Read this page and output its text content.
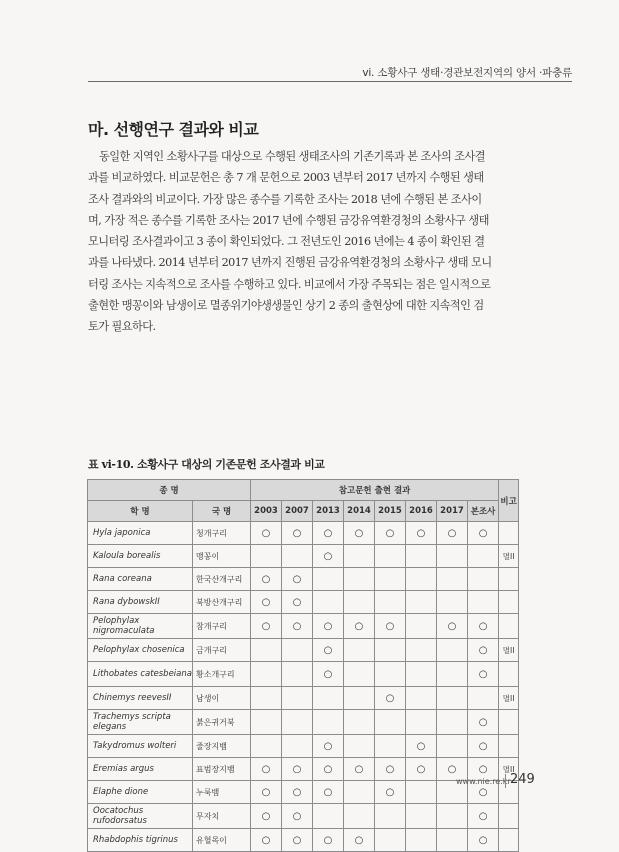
vi. 소황사구 생태·경관보전지역의 양서 ·파충류
마. 선행연구 결과와 비교

동일한 지역인 소황사구를 대상으로 수행된 생태조사의 기존기록과 본 조사의 조사결

과를 비교하였다. 비교문헌은 총 7 개 문헌으로 2003 년부터 2017 년까지 수행된 생태

조사 결과와의 비교이다. 가장 많은 종수를 기록한 조사는 2018 년에 수행된 본 조사이

며, 가장 적은 종수를 기록한 조사는 2017 년에 수행된 금강유역환경청의 소황사구 생태

모니터링 조사결과이고 3 종이 확인되었다. 그 전년도인 2016 년에는 4 종이 확인된 결

과를 나타냈다. 2014 년부터 2017 년까지 진행된 금강유역환경청의 소황사구 생태 모니

터링 조사는 지속적으로 조사를 수행하고 있다. 비교에서 가장 주목되는 점은 일시적으로

출현한 맹꽁이와 남생이로 멸종위기야생생물인 상기 2 종의 출현상에 대한 지속적인 검

토가 필요하다.

표 vi-10. 소황사구 대상의 기존문헌 조사결과 비교
종 명		참고문헌 출현 결과								비고
학 명	국 명	2003	2007	2013	2014	2015	2016	2017	본조사	
Hyla japonica	청개구리	○	○	○	○	○	○	○	○	
Kaloula borealis	맹꽁이			○						멸II
Rana coreana	한국산개구리	○	○							
Rana dybowskII	북방산개구리	○	○							
Pelophylax nigromaculata	참개구리	○	○	○	○	○		○	○	
Pelophylax chosenica	금개구리			○					○	멸II
Lithobates catesbeiana	황소개구리			○					○	
Chinemys reevesII	남생이					○				멸II
Trachemys scripta elegans	붉은귀거북								○	
Takydromus wolteri	줄장지뱀			○			○		○	
Eremias argus	표범장지뱀	○	○	○	○	○	○	○	○	멸II
Elaphe dione	누룩뱀	○	○	○		○			○	
Oocatochus rufodorsatus	무자치	○	○						○	
Rhabdophis tigrinus	유혈목이	○	○	○	○				○	
www.nie.re.kr 249
